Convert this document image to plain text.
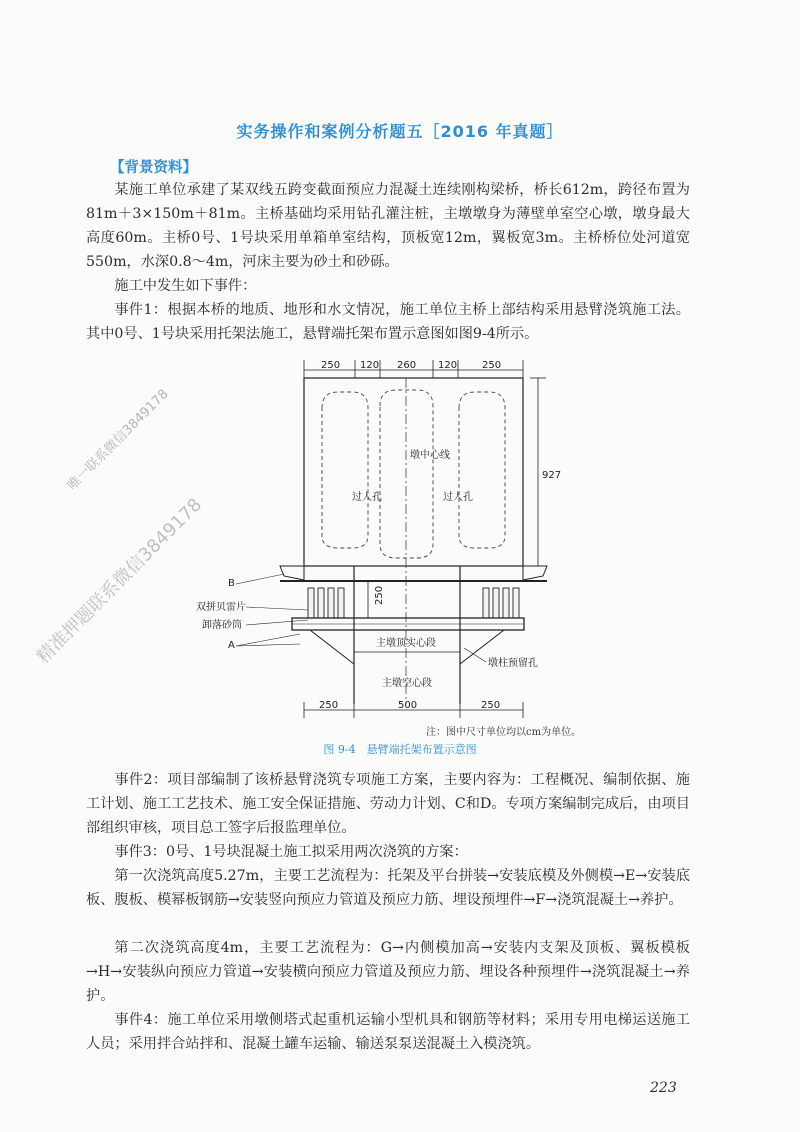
实务操作和案例分析题五［2016 年真题］
【背景资料】

某施工单位承建了某双线五跨变截面预应力混凝土连续刚构梁桥，桥长612m，跨径布置为81m＋3×150m＋81m。主桥基础均采用钻孔灌注桩，主墩墩身为薄壁单室空心墩，墩身最大高度60m。主桥0号、1号块采用单箱单室结构，顶板宽12m，翼板宽3m。主桥桥位处河道宽550m，水深0.8～4m，河床主要为砂土和砂砾。

施工中发生如下事件：

事件1：根据本桥的地质、地形和水文情况，施工单位主桥上部结构采用悬臂浇筑施工法。其中0号、1号块采用托架法施工，悬臂端托架布置示意图如图9-4所示。

250 120 260 120 250
墩中心线
过人孔	过人孔
927
250
主墩顶实心段
主墩空心段
B
双拼贝雷片
卸落砂筒
A
墩柱预留孔
250	500	250
注：图中尺寸单位均以cm为单位。
图 9-4　悬臂端托架布置示意图

事件2：项目部编制了该桥悬臂浇筑专项施工方案，主要内容为：工程概况、编制依据、施工计划、施工工艺技术、施工安全保证措施、劳动力计划、C和D。专项方案编制完成后，由项目部组织审核，项目总工签字后报监理单位。

事件3：0号、1号块混凝土施工拟采用两次浇筑的方案：

第一次浇筑高度5.27m，主要工艺流程为：托架及平台拼装→安装底模及外侧模→E→安装底板、腹板、模幂板钢筋→安装竖向预应力管道及预应力筋、埋设预埋件→F→浇筑混凝土→养护。

第二次浇筑高度4m，主要工艺流程为：G→内侧模加高→安装内支架及顶板、翼板模板→H→安装纵向预应力管道→安装横向预应力管道及预应力筋、埋设各种预埋件→浇筑混凝土→养护。

事件4：施工单位采用墩侧塔式起重机运输小型机具和钢筋等材料；采用专用电梯运送施工人员；采用拌合站拌和、混凝土罐车运输、输送泵泵送混凝土入模浇筑。

223
唯一联系微信3849178
精准押题联系微信3849178
